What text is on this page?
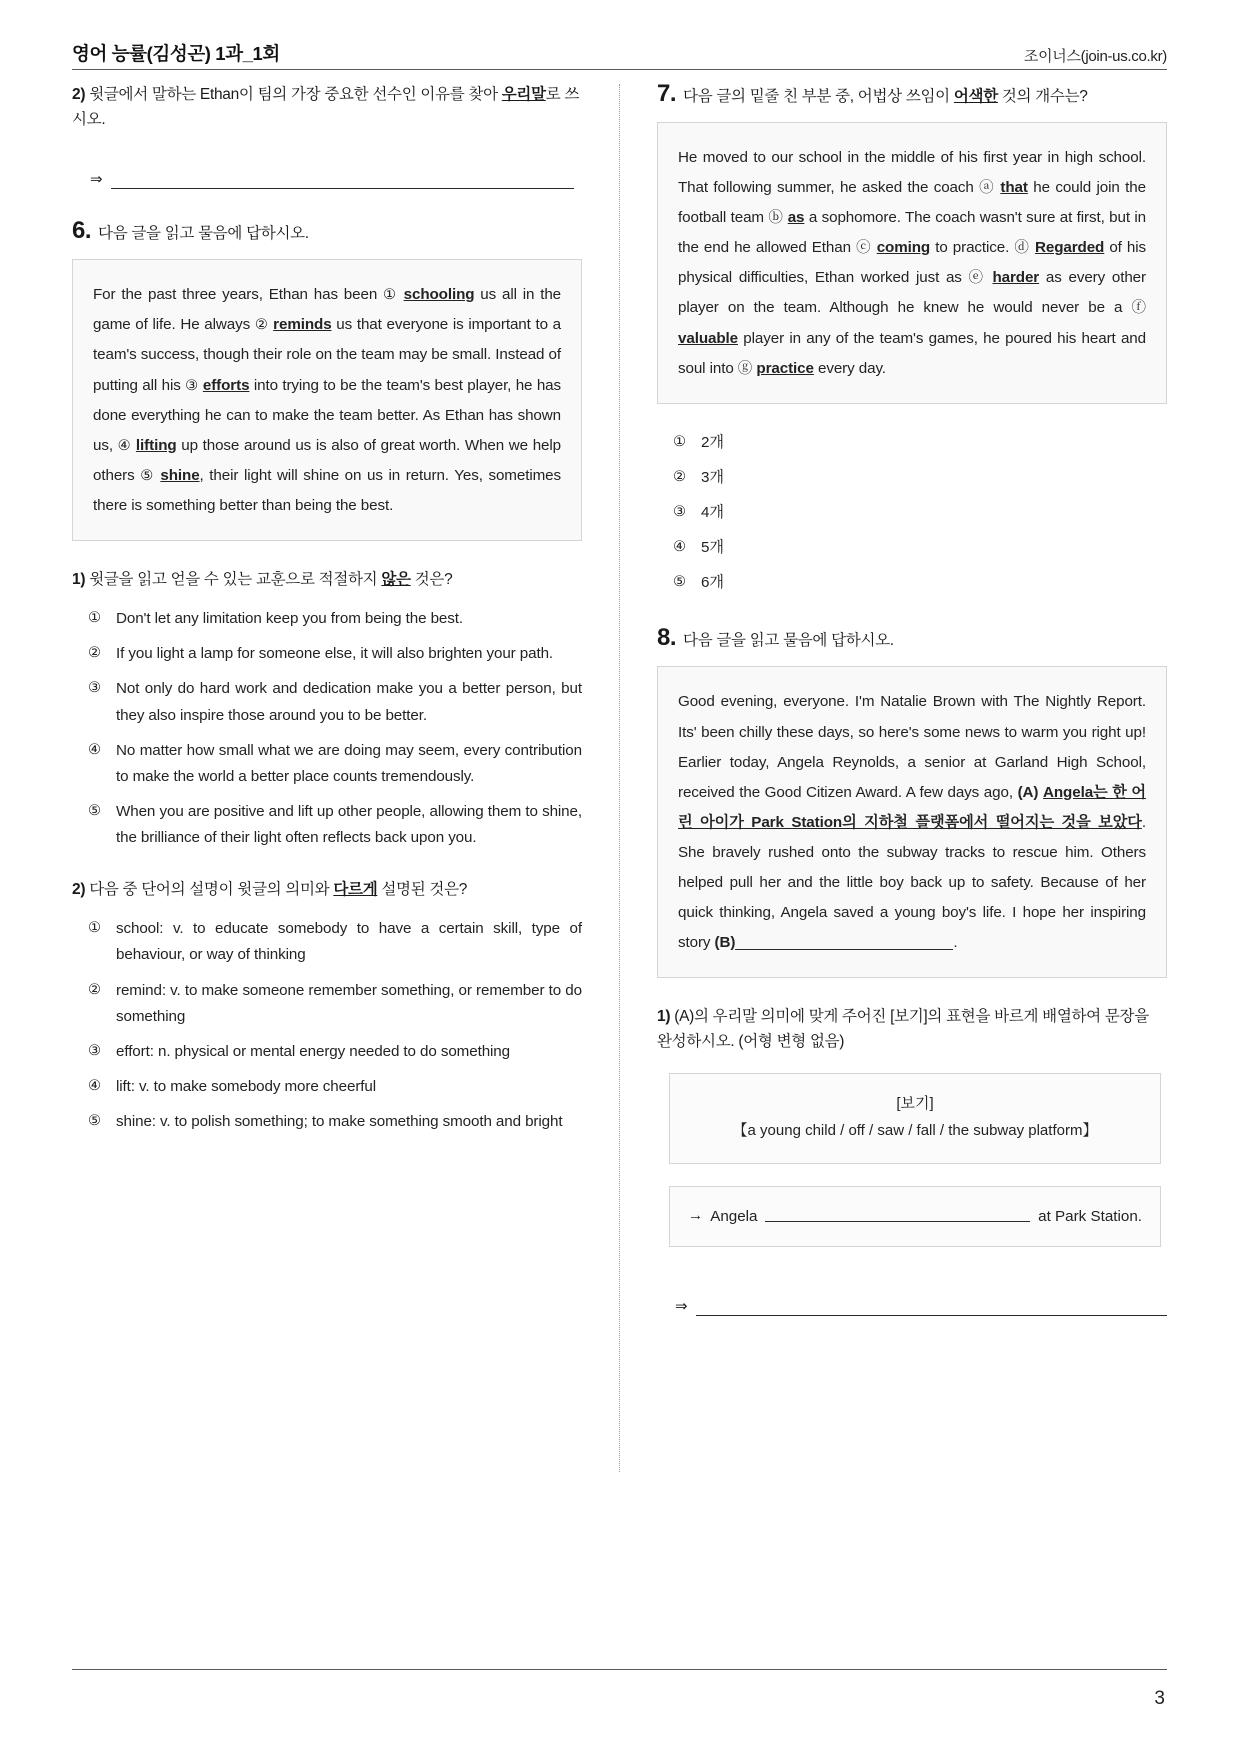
영어 능률(김성곤) 1과_1회	조이너스(join-us.co.kr)
2) 윗글에서 말하는 Ethan이 팀의 가장 중요한 선수인 이유를 찾아 우리말로 쓰시오.
⇒
6. 다음 글을 읽고 물음에 답하시오.
For the past three years, Ethan has been ① schooling us all in the game of life. He always ② reminds us that everyone is important to a team's success, though their role on the team may be small. Instead of putting all his ③ efforts into trying to be the team's best player, he has done everything he can to make the team better. As Ethan has shown us, ④ lifting up those around us is also of great worth. When we help others ⑤ shine, their light will shine on us in return. Yes, sometimes there is something better than being the best.
1) 윗글을 읽고 얻을 수 있는 교훈으로 적절하지 않은 것은?
① Don't let any limitation keep you from being the best.
② If you light a lamp for someone else, it will also brighten your path.
③ Not only do hard work and dedication make you a better person, but they also inspire those around you to be better.
④ No matter how small what we are doing may seem, every contribution to make the world a better place counts tremendously.
⑤ When you are positive and lift up other people, allowing them to shine, the brilliance of their light often reflects back upon you.
2) 다음 중 단어의 설명이 윗글의 의미와 다르게 설명된 것은?
① school: v. to educate somebody to have a certain skill, type of behaviour, or way of thinking
② remind: v. to make someone remember something, or remember to do something
③ effort: n. physical or mental energy needed to do something
④ lift: v. to make somebody more cheerful
⑤ shine: v. to polish something; to make something smooth and bright
7. 다음 글의 밑줄 친 부분 중, 어법상 쓰임이 어색한 것의 개수는?
He moved to our school in the middle of his first year in high school. That following summer, he asked the coach ⓐ that he could join the football team ⓑ as a sophomore. The coach wasn't sure at first, but in the end he allowed Ethan ⓒ coming to practice. ⓓ Regarded of his physical difficulties, Ethan worked just as ⓔ harder as every other player on the team. Although he knew he would never be a ⓕ valuable player in any of the team's games, he poured his heart and soul into ⓖ practice every day.
① 2개
② 3개
③ 4개
④ 5개
⑤ 6개
8. 다음 글을 읽고 물음에 답하시오.
Good evening, everyone. I'm Natalie Brown with The Nightly Report. Its' been chilly these days, so here's some news to warm you right up! Earlier today, Angela Reynolds, a senior at Garland High School, received the Good Citizen Award. A few days ago, (A) Angela는 한 어린 아이가 Park Station의 지하철 플랫폼에서 떨어지는 것을 보았다. She bravely rushed onto the subway tracks to rescue him. Others helped pull her and the little boy back up to safety. Because of her quick thinking, Angela saved a young boy's life. I hope her inspiring story (B)	.
1) (A)의 우리말 의미에 맞게 주어진 [보기]의 표현을 바르게 배열하여 문장을 완성하시오. (어형 변형 없음)
[보기]
【a young child / off / saw / fall / the subway platform】
→ Angela	at Park Station.
⇒
3
